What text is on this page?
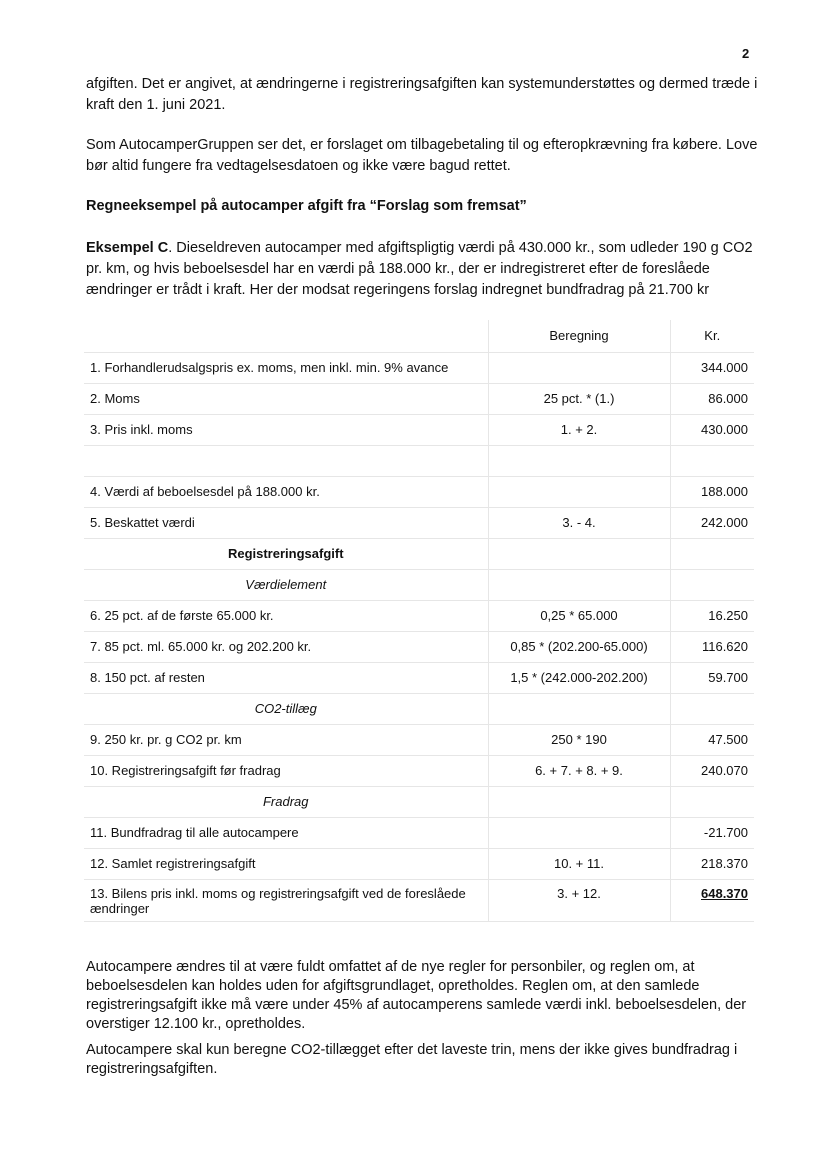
2

afgiften. Det er angivet, at ændringerne i registreringsafgiften kan systemunderstøttes og dermed træde i kraft den 1. juni 2021.

Som AutocamperGruppen ser det, er forslaget om tilbagebetaling til og efteropkrævning fra købere. Love bør altid fungere fra vedtagelsesdatoen og ikke være bagud rettet.

Regneeksempel på autocamper afgift fra “Forslag som fremsat”

Eksempel C. Dieseldreven autocamper med afgiftspligtig værdi på 430.000 kr., som udleder 190 g CO2 pr. km, og hvis beboelsesdel har en værdi på 188.000 kr., der er indregistreret efter de foreslåede ændringer er trådt i kraft. Her der modsat regeringens forslag indregnet bundfradrag på 21.700 kr

	Beregning	Kr.
1. Forhandlerudsalgspris ex. moms, men inkl. min. 9% avance		344.000
2. Moms	25 pct. * (1.)	86.000
3. Pris inkl. moms	1. + 2.	430.000

4. Værdi af beboelsesdel på 188.000 kr.		188.000
5. Beskattet værdi	3. - 4.	242.000
Registreringsafgift		
Værdielement		
6. 25 pct. af de første 65.000 kr.	0,25 * 65.000	16.250
7. 85 pct. ml. 65.000 kr. og 202.200 kr.	0,85 * (202.200-65.000)	116.620
8. 150 pct. af resten	1,5 * (242.000-202.200)	59.700
CO2-tillæg		
9. 250 kr. pr. g CO2 pr. km	250 * 190	47.500
10. Registreringsafgift før fradrag	6. + 7. + 8. + 9.	240.070
Fradrag		
11. Bundfradrag til alle autocampere		-21.700
12. Samlet registreringsafgift	10. + 11.	218.370
13. Bilens pris inkl. moms og registreringsafgift ved de foreslåede ændringer	3. + 12.	648.370

Autocampere ændres til at være fuldt omfattet af de nye regler for personbiler, og reglen om, at beboelsesdelen kan holdes uden for afgiftsgrundlaget, opretholdes. Reglen om, at den samlede registreringsafgift ikke må være under 45% af autocamperens samlede værdi inkl. beboelsesdelen, der overstiger 12.100 kr., opretholdes.

Autocampere skal kun beregne CO2-tillægget efter det laveste trin, mens der ikke gives bundfradrag i registreringsafgiften.
